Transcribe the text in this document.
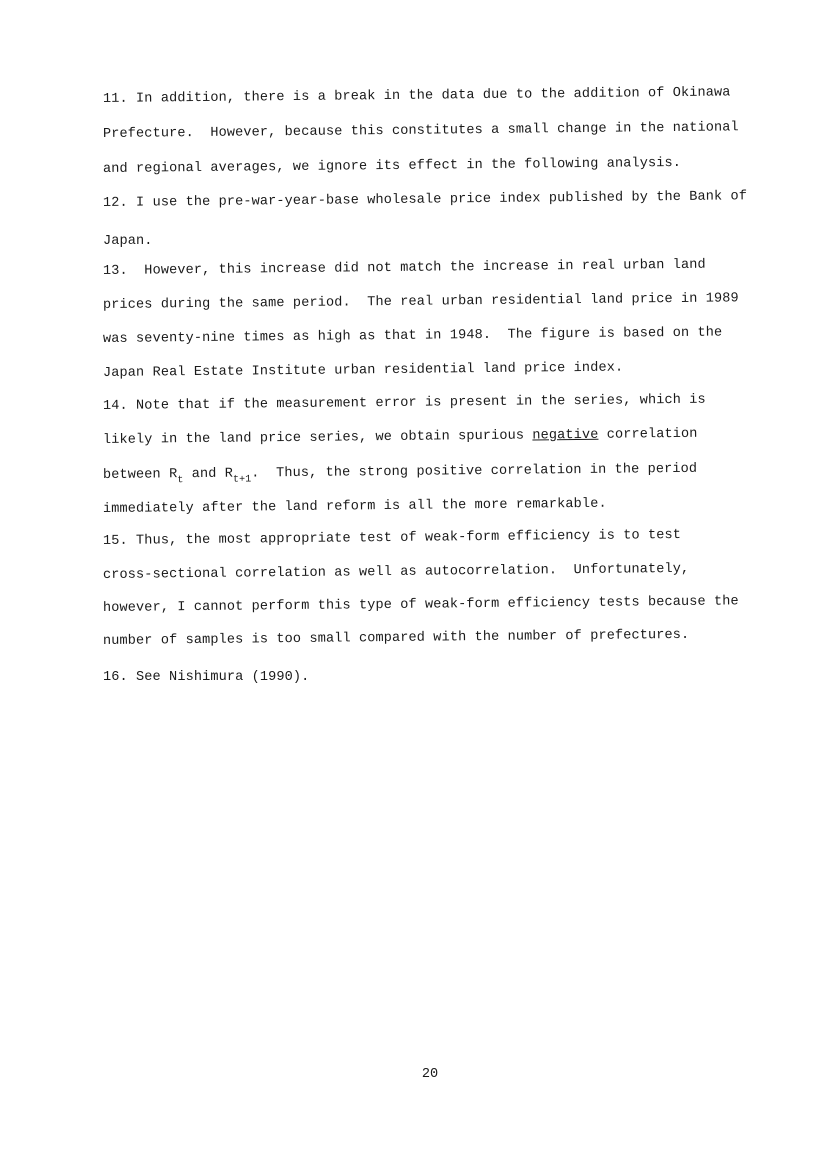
11. In addition, there is a break in the data due to the addition of Okinawa
Prefecture.  However, because this constitutes a small change in the national
and regional averages, we ignore its effect in the following analysis.
12. I use the pre-war-year-base wholesale price index published by the Bank of
Japan.
13.  However, this increase did not match the increase in real urban land
prices during the same period.  The real urban residential land price in 1989
was seventy-nine times as high as that in 1948.  The figure is based on the
Japan Real Estate Institute urban residential land price index.
14. Note that if the measurement error is present in the series, which is
likely in the land price series, we obtain spurious negative correlation
between $R_t$ and $R_{t+1}$.  Thus, the strong positive correlation in the period
immediately after the land reform is all the more remarkable.
15. Thus, the most appropriate test of weak-form efficiency is to test
cross-sectional correlation as well as autocorrelation.  Unfortunately,
however, I cannot perform this type of weak-form efficiency tests because the
number of samples is too small compared with the number of prefectures.
16. See Nishimura (1990).
20
